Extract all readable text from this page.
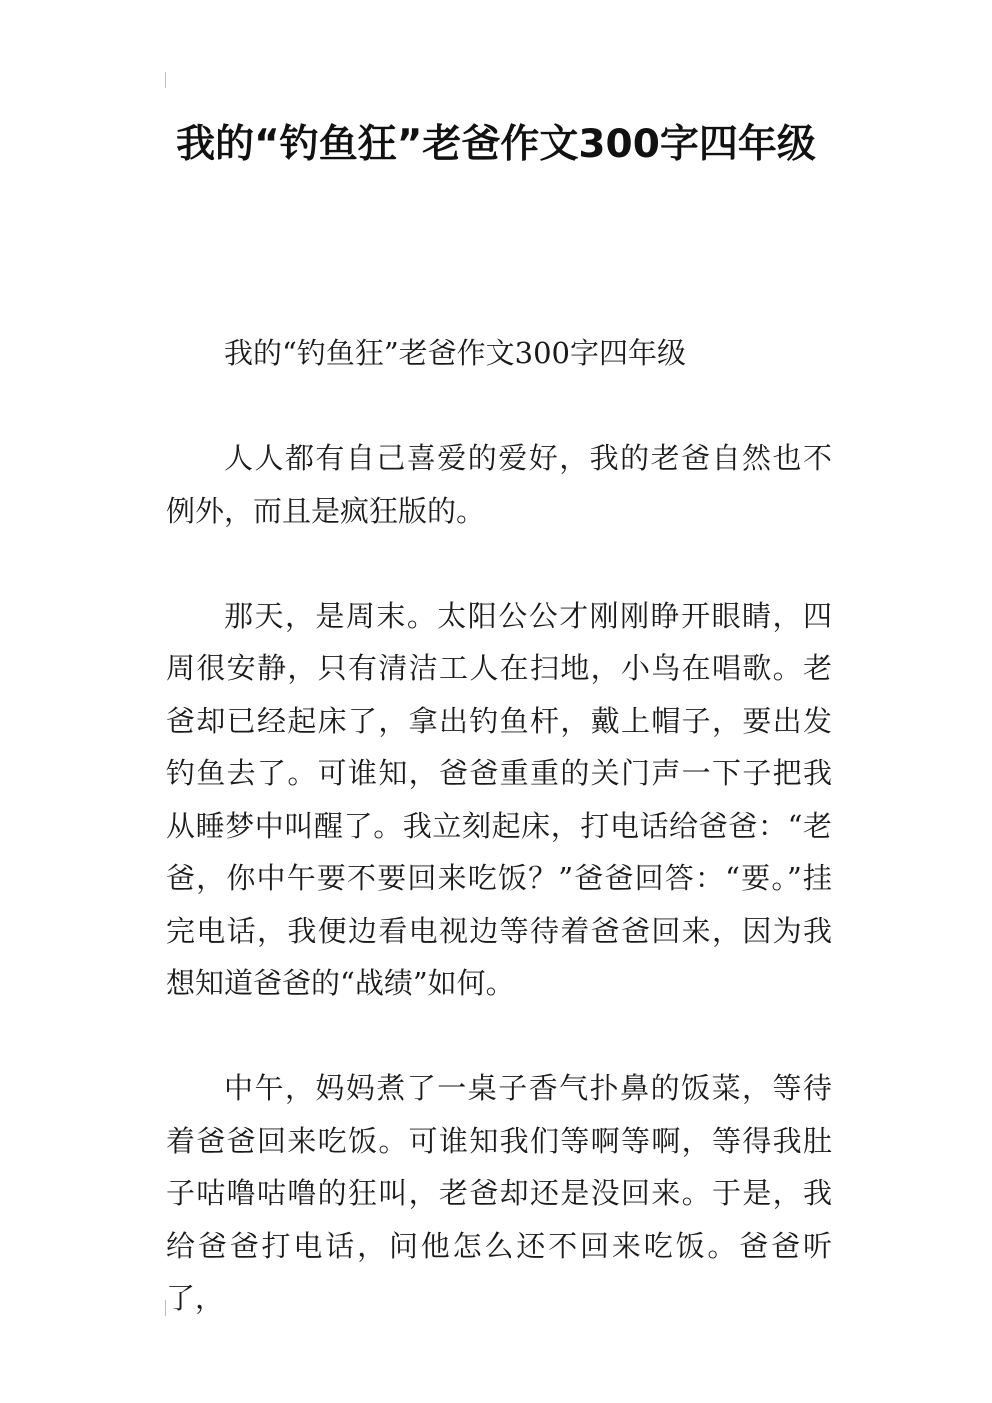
我的“钓鱼狂”老爸作文300字四年级

我的“钓鱼狂”老爸作文300字四年级

人人都有自己喜爱的爱好，我的老爸自然也不例外，而且是疯狂版的。

那天，是周末。太阳公公才刚刚睁开眼睛，四周很安静，只有清洁工人在扫地，小鸟在唱歌。老爸却已经起床了，拿出钓鱼杆，戴上帽子，要出发钓鱼去了。可谁知，爸爸重重的关门声一下子把我从睡梦中叫醒了。我立刻起床，打电话给爸爸：“老爸，你中午要不要回来吃饭？”爸爸回答：“要。”挂完电话，我便边看电视边等待着爸爸回来，因为我想知道爸爸的“战绩”如何。

中午，妈妈煮了一桌子香气扑鼻的饭菜，等待着爸爸回来吃饭。可谁知我们等啊等啊，等得我肚子咕噜咕噜的狂叫，老爸却还是没回来。于是，我给爸爸打电话，问他怎么还不回来吃饭。爸爸听了，
